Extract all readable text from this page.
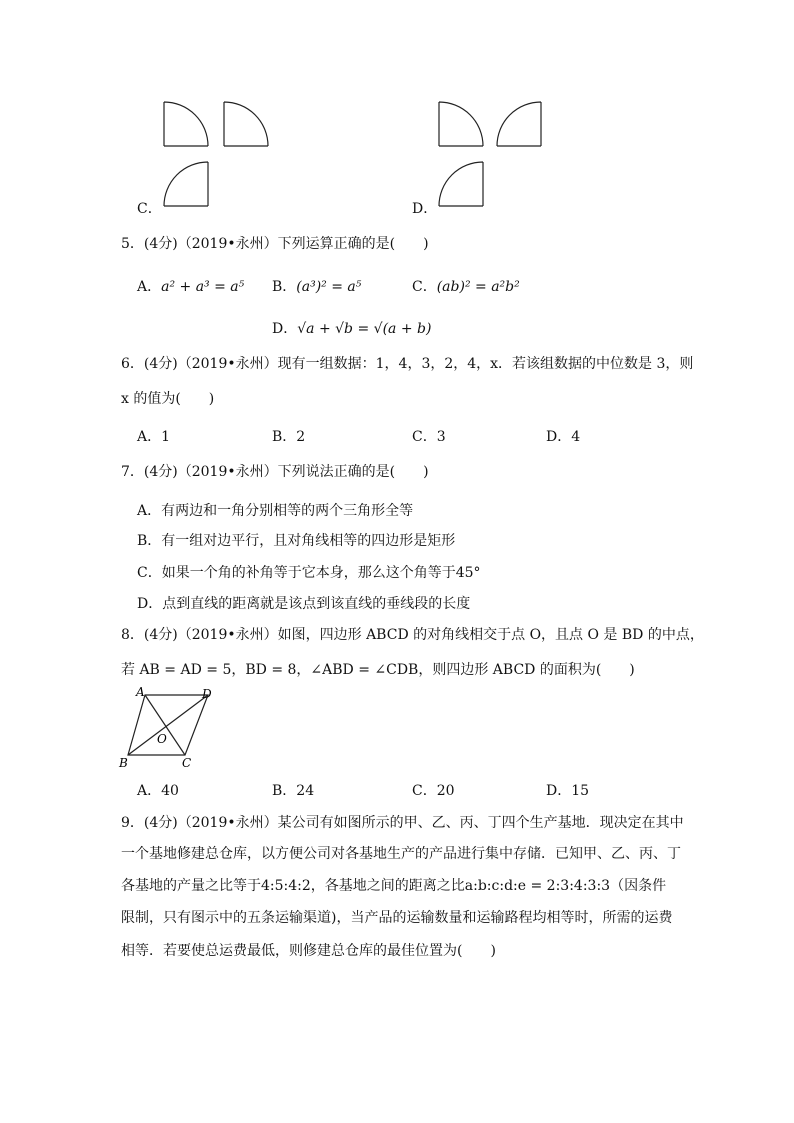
C．	D．
5．(4分)（2019•永州）下列运算正确的是(　　)
A．a² + a³ = a⁵ B．(a³)² = a⁵	C．(ab)² = a²b²
D．√a + √b = √(a + b)
6．(4分)（2019•永州）现有一组数据：1，4，3，2，4，x．若该组数据的中位数是 3，则
x 的值为(　　)
A．1	B．2	C．3	D．4
7．(4分)（2019•永州）下列说法正确的是(　　)
A．有两边和一角分别相等的两个三角形全等
B．有一组对边平行，且对角线相等的四边形是矩形
C．如果一个角的补角等于它本身，那么这个角等于45°
D．点到直线的距离就是该点到该直线的垂线段的长度
8．(4分)（2019•永州）如图，四边形 ABCD 的对角线相交于点 O，且点 O 是 BD 的中点，
若 AB = AD = 5，BD = 8，∠ABD = ∠CDB，则四边形 ABCD 的面积为(　　)
A	D
O
B	C
A．40	B．24	C．20	D．15
9．(4分)（2019•永州）某公司有如图所示的甲、乙、丙、丁四个生产基地．现决定在其中
一个基地修建总仓库，以方便公司对各基地生产的产品进行集中存储．已知甲、乙、丙、丁
各基地的产量之比等于4:5:4:2，各基地之间的距离之比a:b:c:d:e = 2:3:4:3:3（因条件
限制，只有图示中的五条运输渠道)，当产品的运输数量和运输路程均相等时，所需的运费
相等．若要使总运费最低，则修建总仓库的最佳位置为(　　)
